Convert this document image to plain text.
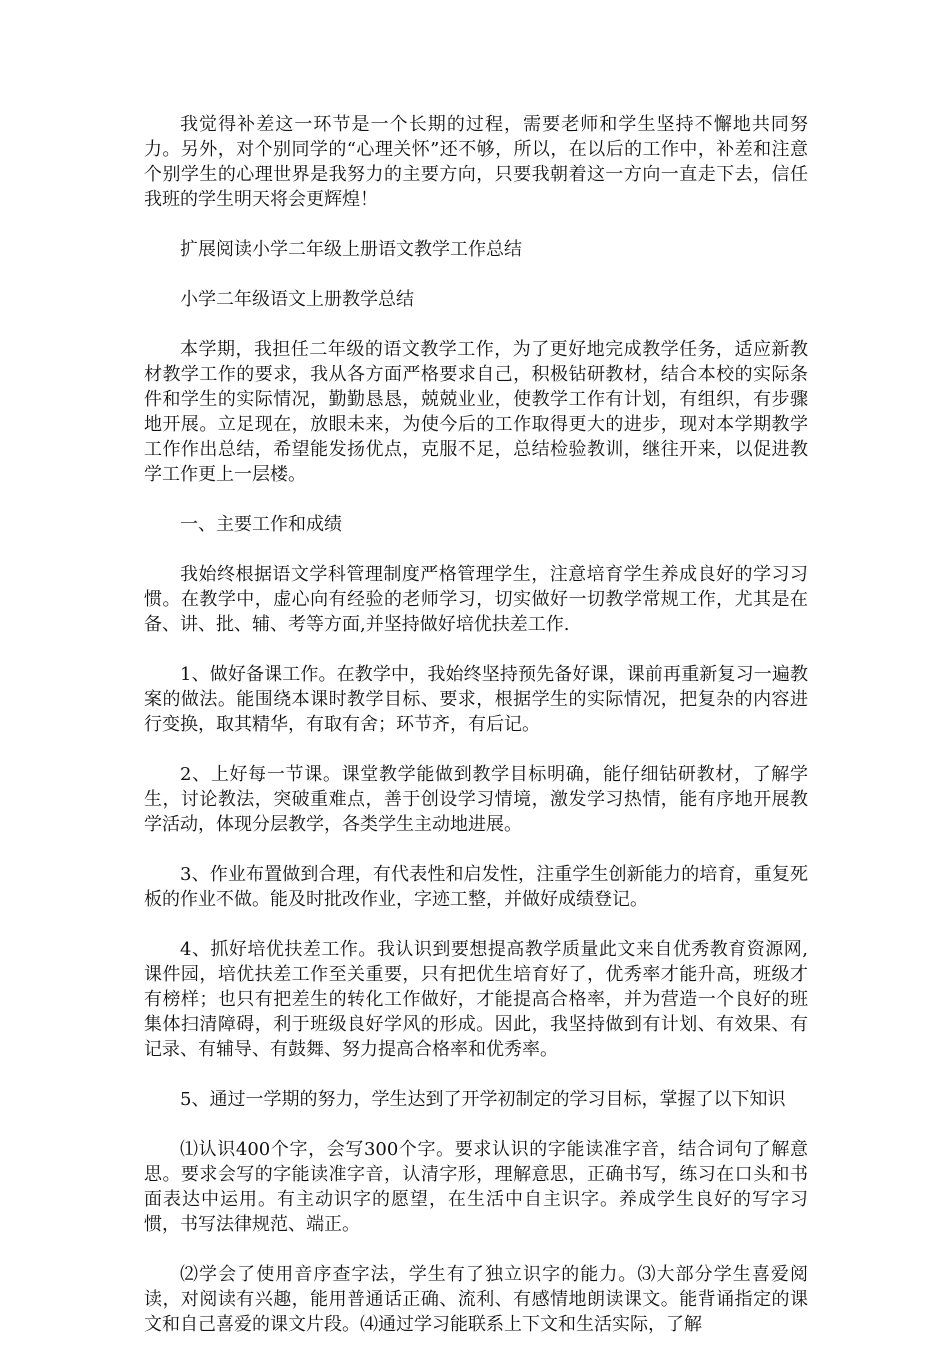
我觉得补差这一环节是一个长期的过程，需要老师和学生坚持不懈地共同努力。另外，对个别同学的“心理关怀”还不够，所以，在以后的工作中，补差和注意个别学生的心理世界是我努力的主要方向，只要我朝着这一方向一直走下去，信任我班的学生明天将会更辉煌！

扩展阅读小学二年级上册语文教学工作总结

小学二年级语文上册教学总结

本学期，我担任二年级的语文教学工作，为了更好地完成教学任务，适应新教材教学工作的要求，我从各方面严格要求自己，积极钻研教材，结合本校的实际条件和学生的实际情况，勤勤恳恳，兢兢业业，使教学工作有计划，有组织，有步骤地开展。立足现在，放眼未来，为使今后的工作取得更大的进步，现对本学期教学工作作出总结，希望能发扬优点，克服不足，总结检验教训，继往开来，以促进教学工作更上一层楼。

一、主要工作和成绩

我始终根据语文学科管理制度严格管理学生，注意培育学生养成良好的学习习惯。在教学中，虚心向有经验的老师学习，切实做好一切教学常规工作，尤其是在备、讲、批、辅、考等方面,并坚持做好培优扶差工作.

1、做好备课工作。在教学中，我始终坚持预先备好课，课前再重新复习一遍教案的做法。能围绕本课时教学目标、要求，根据学生的实际情况，把复杂的内容进行变换，取其精华，有取有舍；环节齐，有后记。

2、上好每一节课。课堂教学能做到教学目标明确，能仔细钻研教材，了解学生，讨论教法，突破重难点，善于创设学习情境，激发学习热情，能有序地开展教学活动，体现分层教学，各类学生主动地进展。

3、作业布置做到合理，有代表性和启发性，注重学生创新能力的培育，重复死板的作业不做。能及时批改作业，字迹工整，并做好成绩登记。

4、抓好培优扶差工作。我认识到要想提高教学质量此文来自优秀教育资源网,课件园，培优扶差工作至关重要，只有把优生培育好了，优秀率才能升高，班级才有榜样；也只有把差生的转化工作做好，才能提高合格率，并为营造一个良好的班集体扫清障碍，利于班级良好学风的形成。因此，我坚持做到有计划、有效果、有记录、有辅导、有鼓舞、努力提高合格率和优秀率。

5、通过一学期的努力，学生达到了开学初制定的学习目标，掌握了以下知识

⑴认识400个字，会写300个字。要求认识的字能读准字音，结合词句了解意思。要求会写的字能读准字音，认清字形，理解意思，正确书写，练习在口头和书面表达中运用。有主动识字的愿望，在生活中自主识字。养成学生良好的写字习惯，书写法律规范、端正。

⑵学会了使用音序查字法，学生有了独立识字的能力。⑶大部分学生喜爱阅读，对阅读有兴趣，能用普通话正确、流利、有感情地朗读课文。能背诵指定的课文和自己喜爱的课文片段。⑷通过学习能联系上下文和生活实际，了解
